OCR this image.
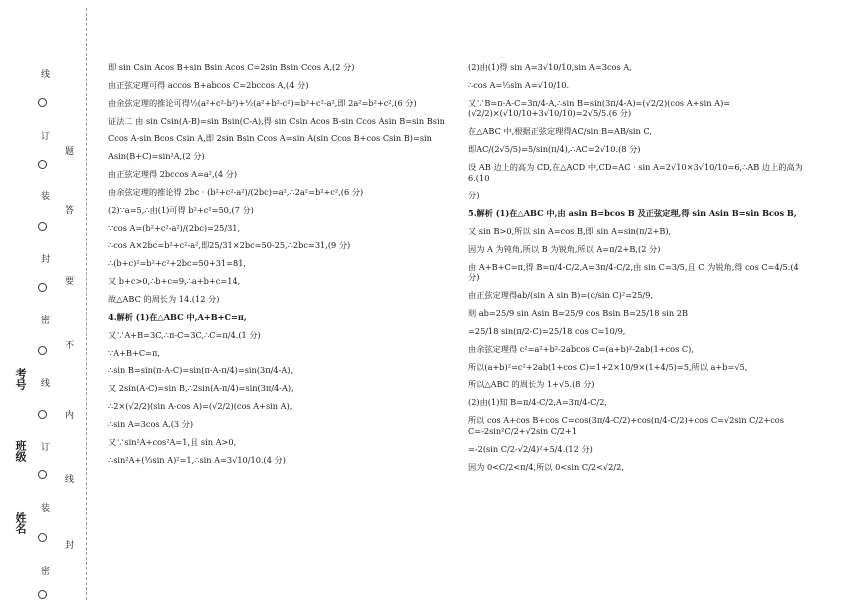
线
订
题
装
答
封
要
密
不
线
内
订
线
装
封
密
考号
班级
姓名
即 sin Csin Acos B+sin Bsin Acos C=2sin Bsin Ccos A,(2 分)
由正弦定理可得 accos B+abcos C=2bccos A,(4 分)
由余弦定理的推论可得½(a²+c²-b²)+½(a²+b²-c²)=b²+c²-a²,即 2a²=b²+c²,(6 分)
证法二 由 sin Csin(A-B)=sin Bsin(C-A),得 sin Csin Acos B-sin Ccos Asin B=sin Bsin
Ccos A-sin Bcos Csin A,即 2sin Bsin Ccos A=sin A(sin Ccos B+cos Csin B)=sin
Asin(B+C)=sin²A,(2 分)
由正弦定理得 2bccos A=a²,(4 分)
由余弦定理的推论得 2bc · (b²+c²-a²)/(2bc)=a²,∴2a²=b²+c²,(6 分)
(2)∵a=5,∴由(1)可得 b²+c²=50,(7 分)
∵cos A=(b²+c²-a²)/(2bc)=25/31,
∴cos A×2bc=b²+c²-a²,即25/31×2bc=50-25,∴2bc=31,(9 分)
∴(b+c)²=b²+c²+2bc=50+31=81,
又 b+c>0,∴b+c=9,∴a+b+c=14,
故△ABC 的周长为 14.(12 分)
4.解析 (1)在△ABC 中,A+B+C=π,
又∵A+B=3C,∴π-C=3C,∴C=π/4.(1 分)
∵A+B+C=π,
∴sin B=sin(π-A-C)=sin(π-A-π/4)=sin(3π/4-A),
又 2sin(A-C)=sin B,∴2sin(A-π/4)=sin(3π/4-A),
∴2×(√2/2)(sin A-cos A)=(√2/2)(cos A+sin A),
∴sin A=3cos A.(3 分)
又∵sin²A+cos²A=1,且 sin A>0,
∴sin²A+(⅓sin A)²=1,∴sin A=3√10/10.(4 分)
(2)由(1)得 sin A=3√10/10,sin A=3cos A,
∴cos A=⅓sin A=√10/10.
又∵B=π-A-C=3π/4-A,∴sin B=sin(3π/4-A)=(√2/2)(cos A+sin A)=(√2/2)×(√10/10+3√10/10)=2√5/5.(6 分)
在△ABC 中,根据正弦定理得AC/sin B=AB/sin C,
即AC/(2√5/5)=5/sin(π/4),∴AC=2√10.(8 分)
设 AB 边上的高为 CD,在△ACD 中,CD=AC · sin A=2√10×3√10/10=6,∴AB 边上的高为 6.(10
分)
5.解析 (1)在△ABC 中,由 asin B=bcos B 及正弦定理,得 sin Asin B=sin Bcos B,
又 sin B>0,所以 sin A=cos B,即 sin A=sin(π/2+B),
因为 A 为钝角,所以 B 为锐角,所以 A=π/2+B,(2 分)
由 A+B+C=π,得 B=π/4-C/2,A=3π/4-C/2,由 sin C=3/5,且 C 为锐角,得 cos C=4/5.(4 分)
由正弦定理得ab/(sin A sin B)=(c/sin C)²=25/9,
则 ab=25/9 sin Asin B=25/9 cos Bsin B=25/18 sin 2B
=25/18 sin(π/2-C)=25/18 cos C=10/9,
由余弦定理得 c²=a²+b²-2abcos C=(a+b)²-2ab(1+cos C),
所以(a+b)²=c²+2ab(1+cos C)=1+2×10/9×(1+4/5)=5,所以 a+b=√5,
所以△ABC 的周长为 1+√5.(8 分)
(2)由(1)知 B=π/4-C/2,A=3π/4-C/2,
所以 cos A+cos B+cos C=cos(3π/4-C/2)+cos(π/4-C/2)+cos C=√2sin C/2+cos C=-2sin²C/2+√2sin C/2+1
=-2(sin C/2-√2/4)²+5/4.(12 分)
因为 0<C/2<π/4,所以 0<sin C/2<√2/2,
